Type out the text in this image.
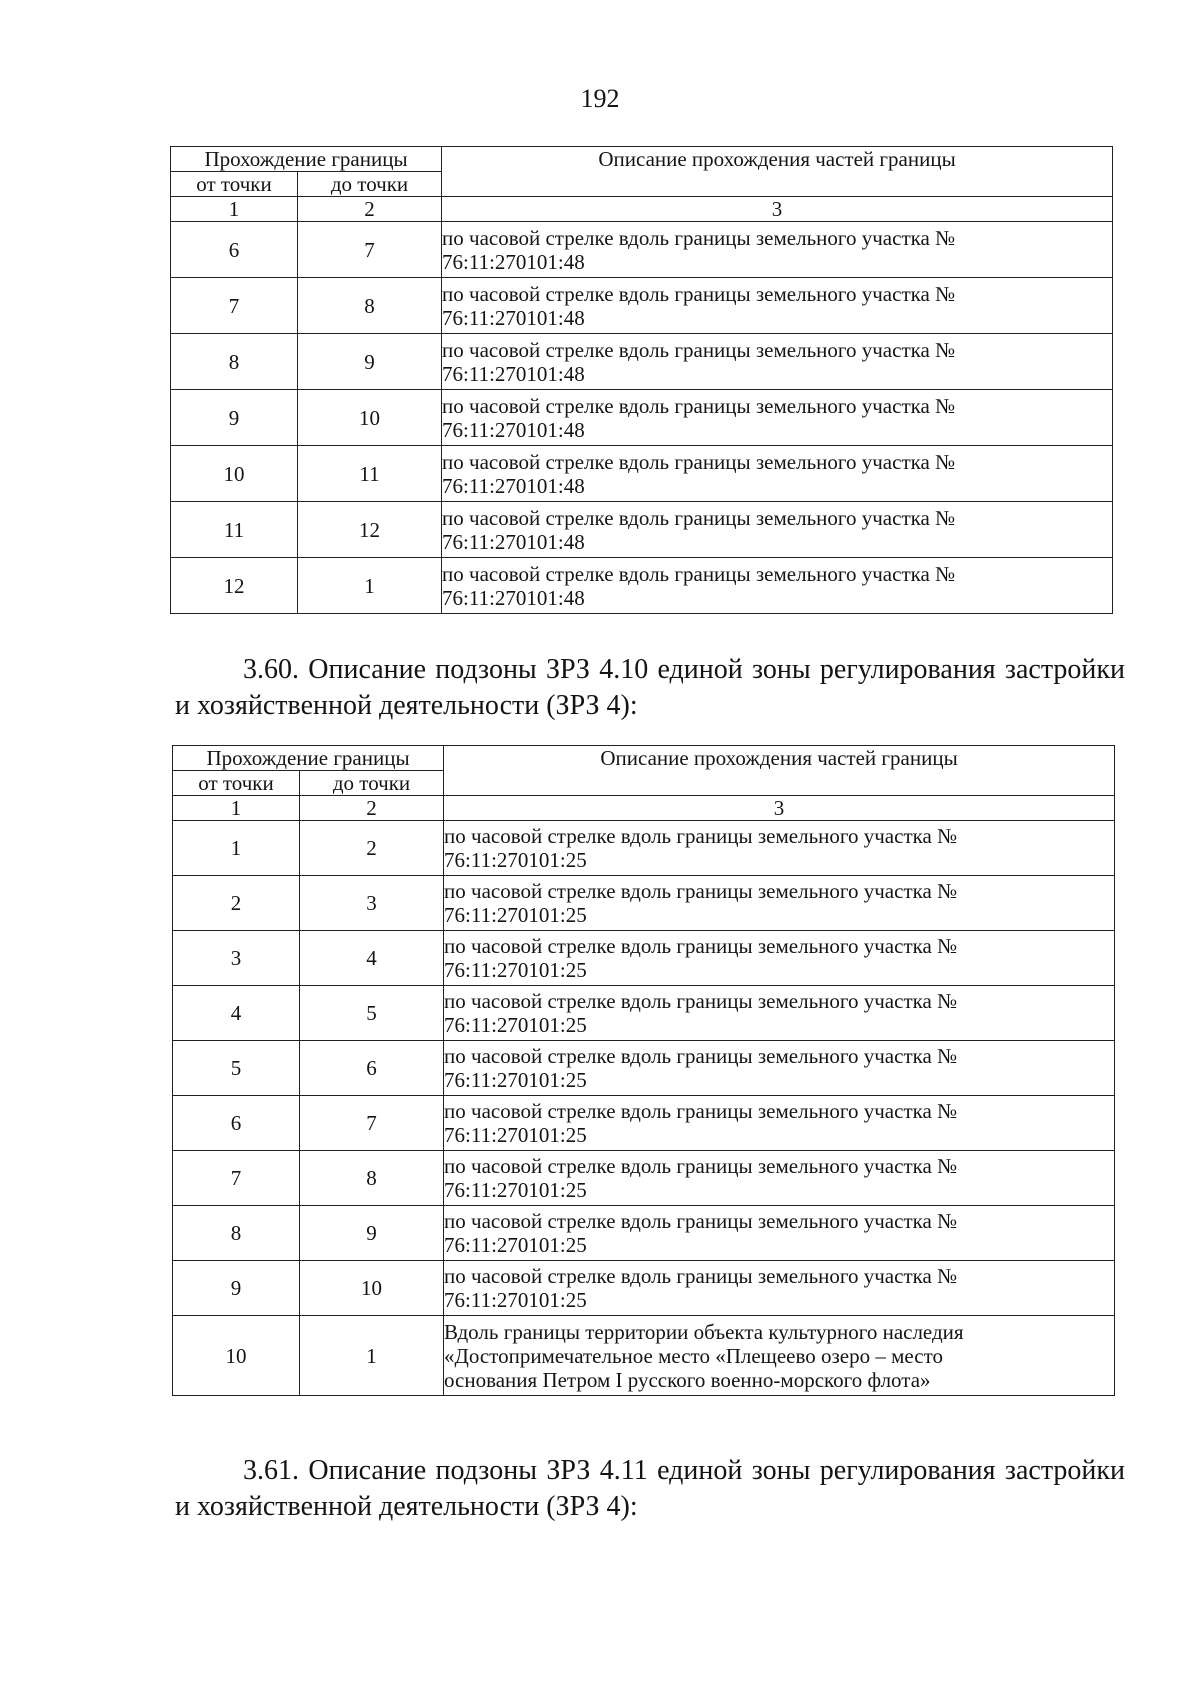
192
Прохождение границы		Описание прохождения частей границы
от точки	до точки	
1	2	3
6	7	по часовой стрелке вдоль границы земельного участка №
76:11:270101:48

7	8	по часовой стрелке вдоль границы земельного участка №
76:11:270101:48

8	9	по часовой стрелке вдоль границы земельного участка №
76:11:270101:48

9	10	по часовой стрелке вдоль границы земельного участка №
76:11:270101:48

10	11	по часовой стрелке вдоль границы земельного участка №
76:11:270101:48

11	12	по часовой стрелке вдоль границы земельного участка №
76:11:270101:48

12	1	по часовой стрелке вдоль границы земельного участка №
76:11:270101:48
3.60. Описание подзоны ЗРЗ 4.10 единой зоны регулирования застройки
и хозяйственной деятельности (ЗРЗ 4):
Прохождение границы		Описание прохождения частей границы
от точки	до точки	
1	2	3
1	2	по часовой стрелке вдоль границы земельного участка №
76:11:270101:25

2	3	по часовой стрелке вдоль границы земельного участка №
76:11:270101:25

3	4	по часовой стрелке вдоль границы земельного участка №
76:11:270101:25

4	5	по часовой стрелке вдоль границы земельного участка №
76:11:270101:25

5	6	по часовой стрелке вдоль границы земельного участка №
76:11:270101:25

6	7	по часовой стрелке вдоль границы земельного участка №
76:11:270101:25

7	8	по часовой стрелке вдоль границы земельного участка №
76:11:270101:25

8	9	по часовой стрелке вдоль границы земельного участка №
76:11:270101:25

9	10	по часовой стрелке вдоль границы земельного участка №
76:11:270101:25

10	1	Вдоль границы территории объекта культурного наследия
«Достопримечательное место «Плещеево озеро – место
основания Петром I русского военно-морского флота»
3.61. Описание подзоны ЗРЗ 4.11 единой зоны регулирования застройки
и хозяйственной деятельности (ЗРЗ 4):
